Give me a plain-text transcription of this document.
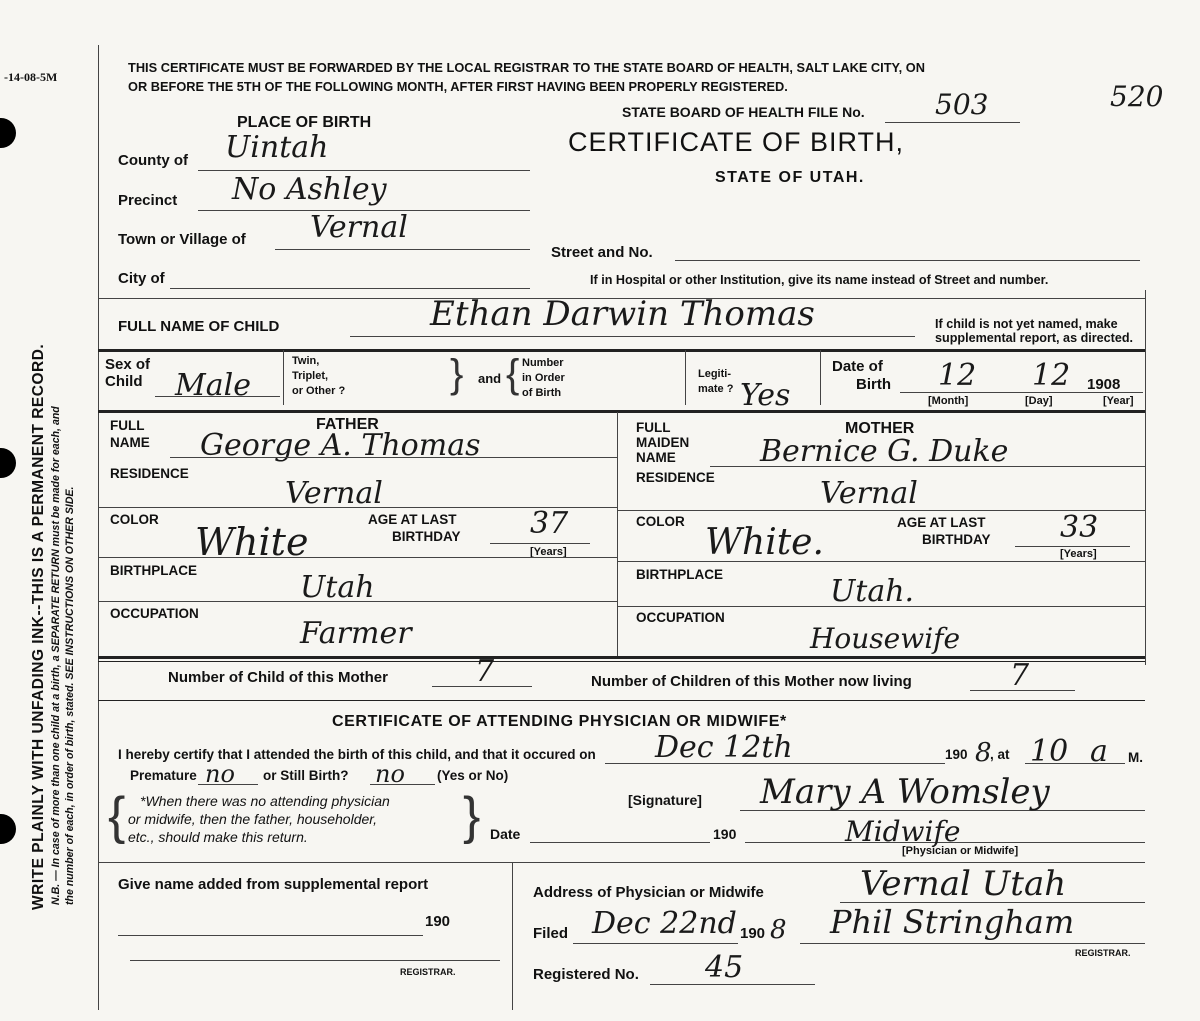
-14-08-5M
WRITE PLAINLY WITH UNFADING INK--THIS IS A PERMANENT RECORD. N.B. — In case of more than one child at a birth, a SEPARATE RETURN must be made for each, and the number of each, in order of birth, stated. SEE INSTRUCTIONS ON OTHER SIDE.
THIS CERTIFICATE MUST BE FORWARDED BY THE LOCAL REGISTRAR TO THE STATE BOARD OF HEALTH, SALT LAKE CITY, ON
OR BEFORE THE 5TH OF THE FOLLOWING MONTH, AFTER FIRST HAVING BEEN PROPERLY REGISTERED.
STATE BOARD OF HEALTH FILE No.	503	520
PLACE OF BIRTH
CERTIFICATE OF BIRTH,
STATE OF UTAH.
County of Uintah
Precinct No Ashley
Town or Village of Vernal
Street and No.
City of	If in Hospital or other Institution, give its name instead of Street and number.
FULL NAME OF CHILD	Ethan Darwin Thomas	If child is not yet named, make
supplemental report, as directed.
Sex of
Child Male
Twin,
Triplet,
or Other ?	} and { Number
in Order
of Birth
Legiti-
mate ? Yes
Date of
Birth 12 12 1908
[Month]	[Day]	[Year]
FATHER
FULL
NAME George A. Thomas
RESIDENCE
Vernal
COLOR
White
AGE AT LAST
BIRTHDAY 37
[Years]
BIRTHPLACE	Utah
OCCUPATION
Farmer
MOTHER
FULL
MAIDEN
NAME	Bernice G. Duke
RESIDENCE	Vernal
COLOR
White.	AGE AT LAST
BIRTHDAY 33
[Years]
BIRTHPLACE	Utah.
OCCUPATION
Housewife
Number of Child of this Mother	7	Number of Children of this Mother now living	7
CERTIFICATE OF ATTENDING PHYSICIAN OR MIDWIFE*
I hereby certify that I attended the birth of this child, and that it occured on Dec 12th	190 8
, at 10 a M.
Premature no or Still Birth? no (Yes or No)
{	}
*When there was no attending physician
or midwife, then the father, householder,
etc., should make this return.
[Signature] Mary A Womsley
Date	190	Midwife
[Physician or Midwife]
Give name added from supplemental report
190
REGISTRAR.
Address of Physician or Midwife	Vernal Utah
Filed Dec 22nd 190 8 Phil Stringham
REGISTRAR.
Registered No. 45
